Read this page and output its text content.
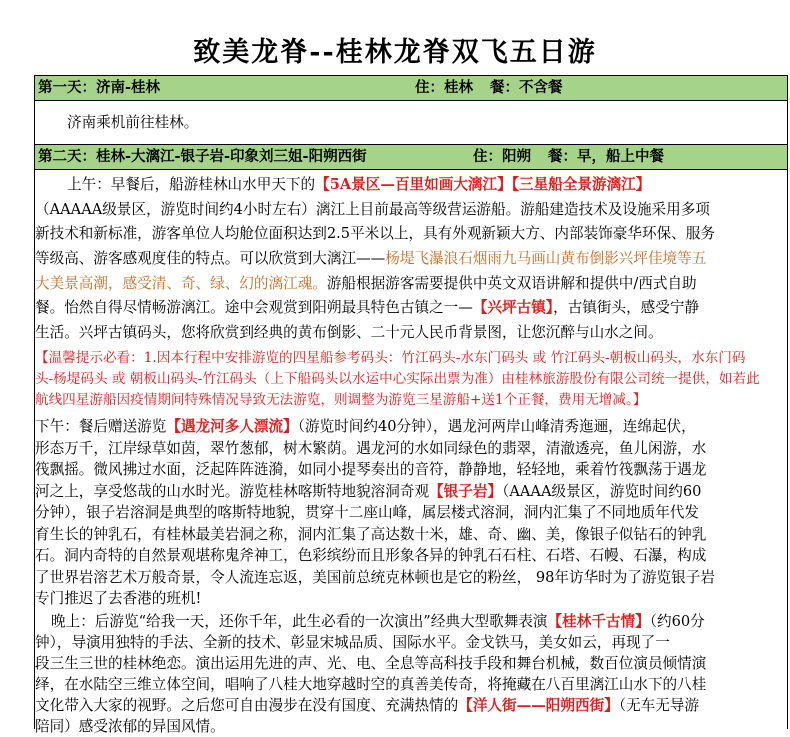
致美龙脊--桂林龙脊双飞五日游
第一天：济南-桂林	住：桂林 餐：不含餐
济南乘机前往桂林。
第二天：桂林-大漓江-银子岩-印象刘三姐-阳朔西街	住：阳朔 餐：早，船上中餐
上午：早餐后，船游桂林山水甲天下的【5A景区—百里如画大漓江】【三星船全景游漓江】
（AAAAA级景区，游览时间约4小时左右）漓江上目前最高等级营运游船。游船建造技术及设施采用多项
新技术和新标准，游客单位人均舱位面积达到2.5平米以上，具有外观新颖大方、内部装饰豪华环保、服务
等级高、游客感观度佳的特点。可以欣赏到大漓江——杨堤飞瀑浪石烟雨九马画山黄布倒影兴坪佳境等五
大美景高潮，感受清、奇、绿、幻的漓江魂。游船根据游客需要提供中英文双语讲解和提供中/西式自助
餐。怡然自得尽情畅游漓江。途中会观赏到阳朔最具特色古镇之一—【兴坪古镇】，古镇街头，感受宁静
生活。兴坪古镇码头，您将欣赏到经典的黄布倒影、二十元人民币背景图，让您沉醉与山水之间。
【温馨提示必看：1.因本行程中安排游览的四星船参考码头：竹江码头-水东门码头 或 竹江码头-朝板山码头，水东门码
头-杨堤码头 或 朝板山码头-竹江码头（上下船码头以水运中心实际出票为准）由桂林旅游股份有限公司统一提供，如若此
航线四星游船因疫情期间特殊情况导致无法游览，则调整为游览三星游船+送1个正餐，费用无增减。】
下午：餐后赠送游览【遇龙河多人漂流】（游览时间约40分钟），遇龙河两岸山峰清秀迤逦，连绵起伏，
形态万千，江岸绿草如茵，翠竹葱郁，树木繁荫。遇龙河的水如同绿色的翡翠，清澈透亮，鱼儿闲游，水
筏飘摇。微风拂过水面，泛起阵阵涟漪，如同小提琴奏出的音符，静静地，轻轻地，乘着竹筏飘荡于遇龙
河之上，享受悠哉的山水时光。游览桂林喀斯特地貌溶洞奇观【银子岩】（AAAA级景区，游览时间约60
分钟），银子岩溶洞是典型的喀斯特地貌，贯穿十二座山峰，属层楼式溶洞，洞内汇集了不同地质年代发
育生长的钟乳石，有桂林最美岩洞之称，洞内汇集了高达数十米，雄、奇、幽、美，像银子似钻石的钟乳
石。洞内奇特的自然景观堪称鬼斧神工，色彩缤纷而且形象各异的钟乳石石柱、石塔、石幔、石瀑，构成
了世界岩溶艺术万般奇景，令人流连忘返，美国前总统克林顿也是它的粉丝， 98年访华时为了游览银子岩
专门推迟了去香港的班机!
晚上：后游览“给我一天，还你千年，此生必看的一次演出”经典大型歌舞表演【桂林千古情】（约60分
钟），导演用独特的手法、全新的技术、彰显宋城品质、国际水平。金戈铁马，美女如云，再现了一
段三生三世的桂林绝恋。演出运用先进的声、光、电、全息等高科技手段和舞台机械，数百位演员倾情演
绎，在水陆空三维立体空间，唱响了八桂大地穿越时空的真善美传奇，将掩藏在八百里漓江山水下的八桂
文化带入大家的视野。之后您可自由漫步在没有国度、充满热情的【洋人街——阳朔西街】（无车无导游
陪同）感受浓郁的异国风情。
